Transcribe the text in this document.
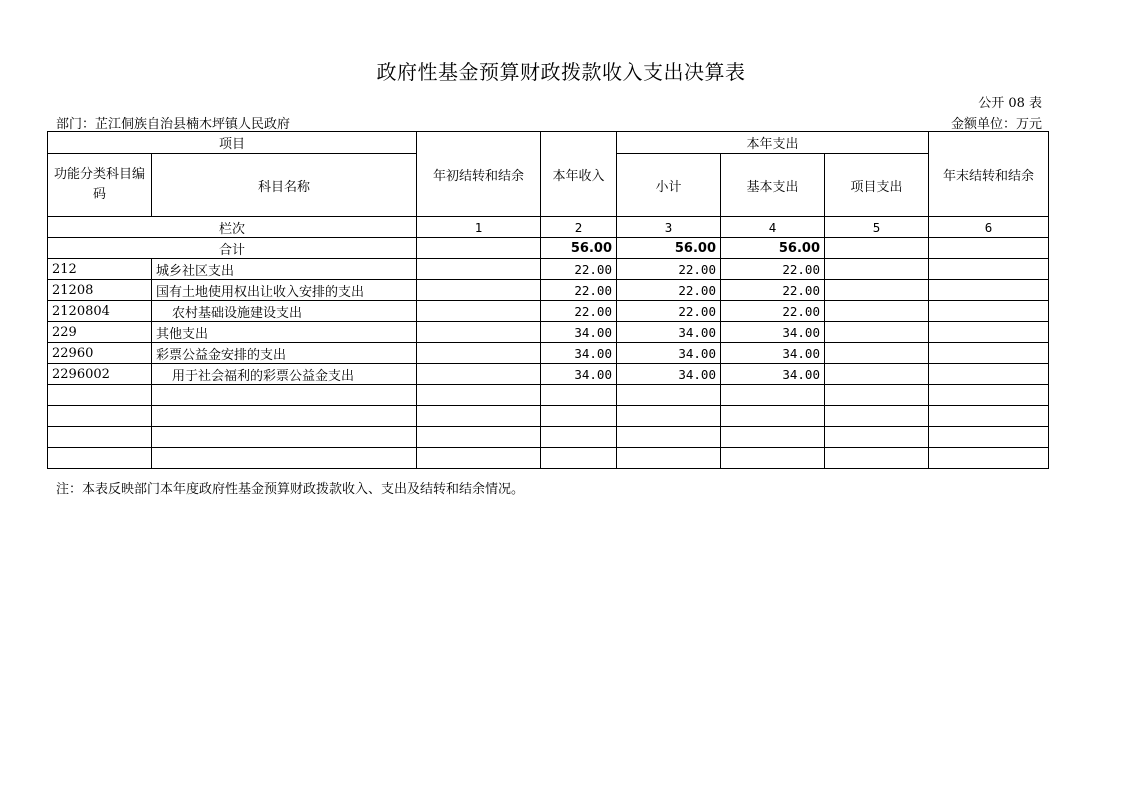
政府性基金预算财政拨款收入支出决算表
公开 08 表
部门：芷江侗族自治县楠木坪镇人民政府	金额单位：万元
项目		年初结转和结余	本年收入	本年支出			年末结转和结余
功能分类科目编码	科目名称			小计	基本支出	项目支出	
栏次		1	2	3	4	5	6
合计			56.00	56.00	56.00		
212	城乡社区支出		22.00	22.00	22.00		
21208	国有土地使用权出让收入安排的支出		22.00	22.00	22.00		
2120804	农村基础设施建设支出		22.00	22.00	22.00		
229	其他支出		34.00	34.00	34.00		
22960	彩票公益金安排的支出		34.00	34.00	34.00		
2296002	用于社会福利的彩票公益金支出		34.00	34.00	34.00		

注：本表反映部门本年度政府性基金预算财政拨款收入、支出及结转和结余情况。
